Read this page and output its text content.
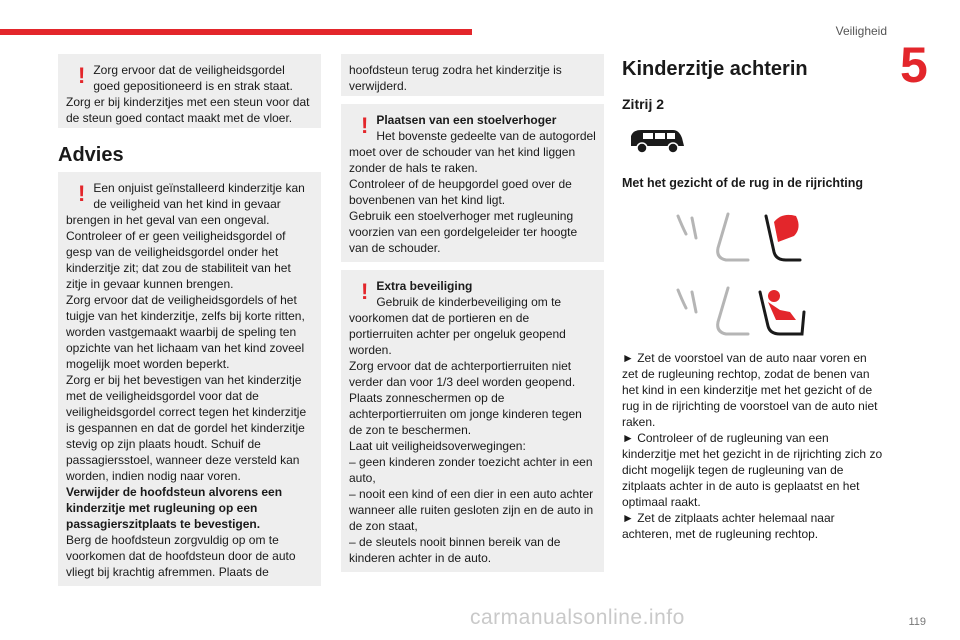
Veiligheid
5
! Zorg ervoor dat de veiligheidsgordel goed gepositioneerd is en strak staat.

Zorg er bij kinderzitjes met een steun voor dat de steun goed contact maakt met de vloer.

Advies
! Een onjuist geïnstalleerd kinderzitje kan de veiligheid van het kind in gevaar brengen in het geval van een ongeval.

Controleer of er geen veiligheidsgordel of gesp van de veiligheidsgordel onder het kinderzitje zit; dat zou de stabiliteit van het zitje in gevaar kunnen brengen.

Zorg ervoor dat de veiligheidsgordels of het tuigje van het kinderzitje, zelfs bij korte ritten, worden vastgemaakt waarbij de speling ten opzichte van het lichaam van het kind zoveel mogelijk moet worden beperkt.

Zorg er bij het bevestigen van het kinderzitje met de veiligheidsgordel voor dat de veiligheidsgordel correct tegen het kinderzitje is gespannen en dat de gordel het kinderzitje stevig op zijn plaats houdt. Schuif de passagiersstoel, wanneer deze versteld kan worden, indien nodig naar voren.

Verwijder de hoofdsteun alvorens een kinderzitje met rugleuning op een passagierszitplaats te bevestigen.

Berg de hoofdsteun zorgvuldig op om te voorkomen dat de hoofdsteun door de auto vliegt bij krachtig afremmen. Plaats de

hoofdsteun terug zodra het kinderzitje is verwijderd.

! Plaatsen van een stoelverhoger

Het bovenste gedeelte van de autogordel moet over de schouder van het kind liggen zonder de hals te raken.

Controleer of de heupgordel goed over de bovenbenen van het kind ligt.

Gebruik een stoelverhoger met rugleuning voorzien van een gordelgeleider ter hoogte van de schouder.

! Extra beveiliging

Gebruik de kinderbeveiliging om te voorkomen dat de portieren en de portierruiten achter per ongeluk geopend worden.

Zorg ervoor dat de achterportierruiten niet verder dan voor 1/3 deel worden geopend.

Plaats zonneschermen op de achterportierruiten om jonge kinderen tegen de zon te beschermen.

Laat uit veiligheidsoverwegingen:

– geen kinderen zonder toezicht achter in een auto,

– nooit een kind of een dier in een auto achter wanneer alle ruiten gesloten zijn en de auto in de zon staat,

– de sleutels nooit binnen bereik van de kinderen achter in de auto.

Kinderzitje achterin
Zitrij 2
Met het gezicht of de rug in de rijrichting

► Zet de voorstoel van de auto naar voren en zet de rugleuning rechtop, zodat de benen van het kind in een kinderzitje met het gezicht of de rug in de rijrichting de voorstoel van de auto niet raken.

► Controleer of de rugleuning van een kinderzitje met het gezicht in de rijrichting zich zo dicht mogelijk tegen de rugleuning van de zitplaats achter in de auto is geplaatst en het optimaal raakt.

► Zet de zitplaats achter helemaal naar achteren, met de rugleuning rechtop.

119
carmanualsonline.info
